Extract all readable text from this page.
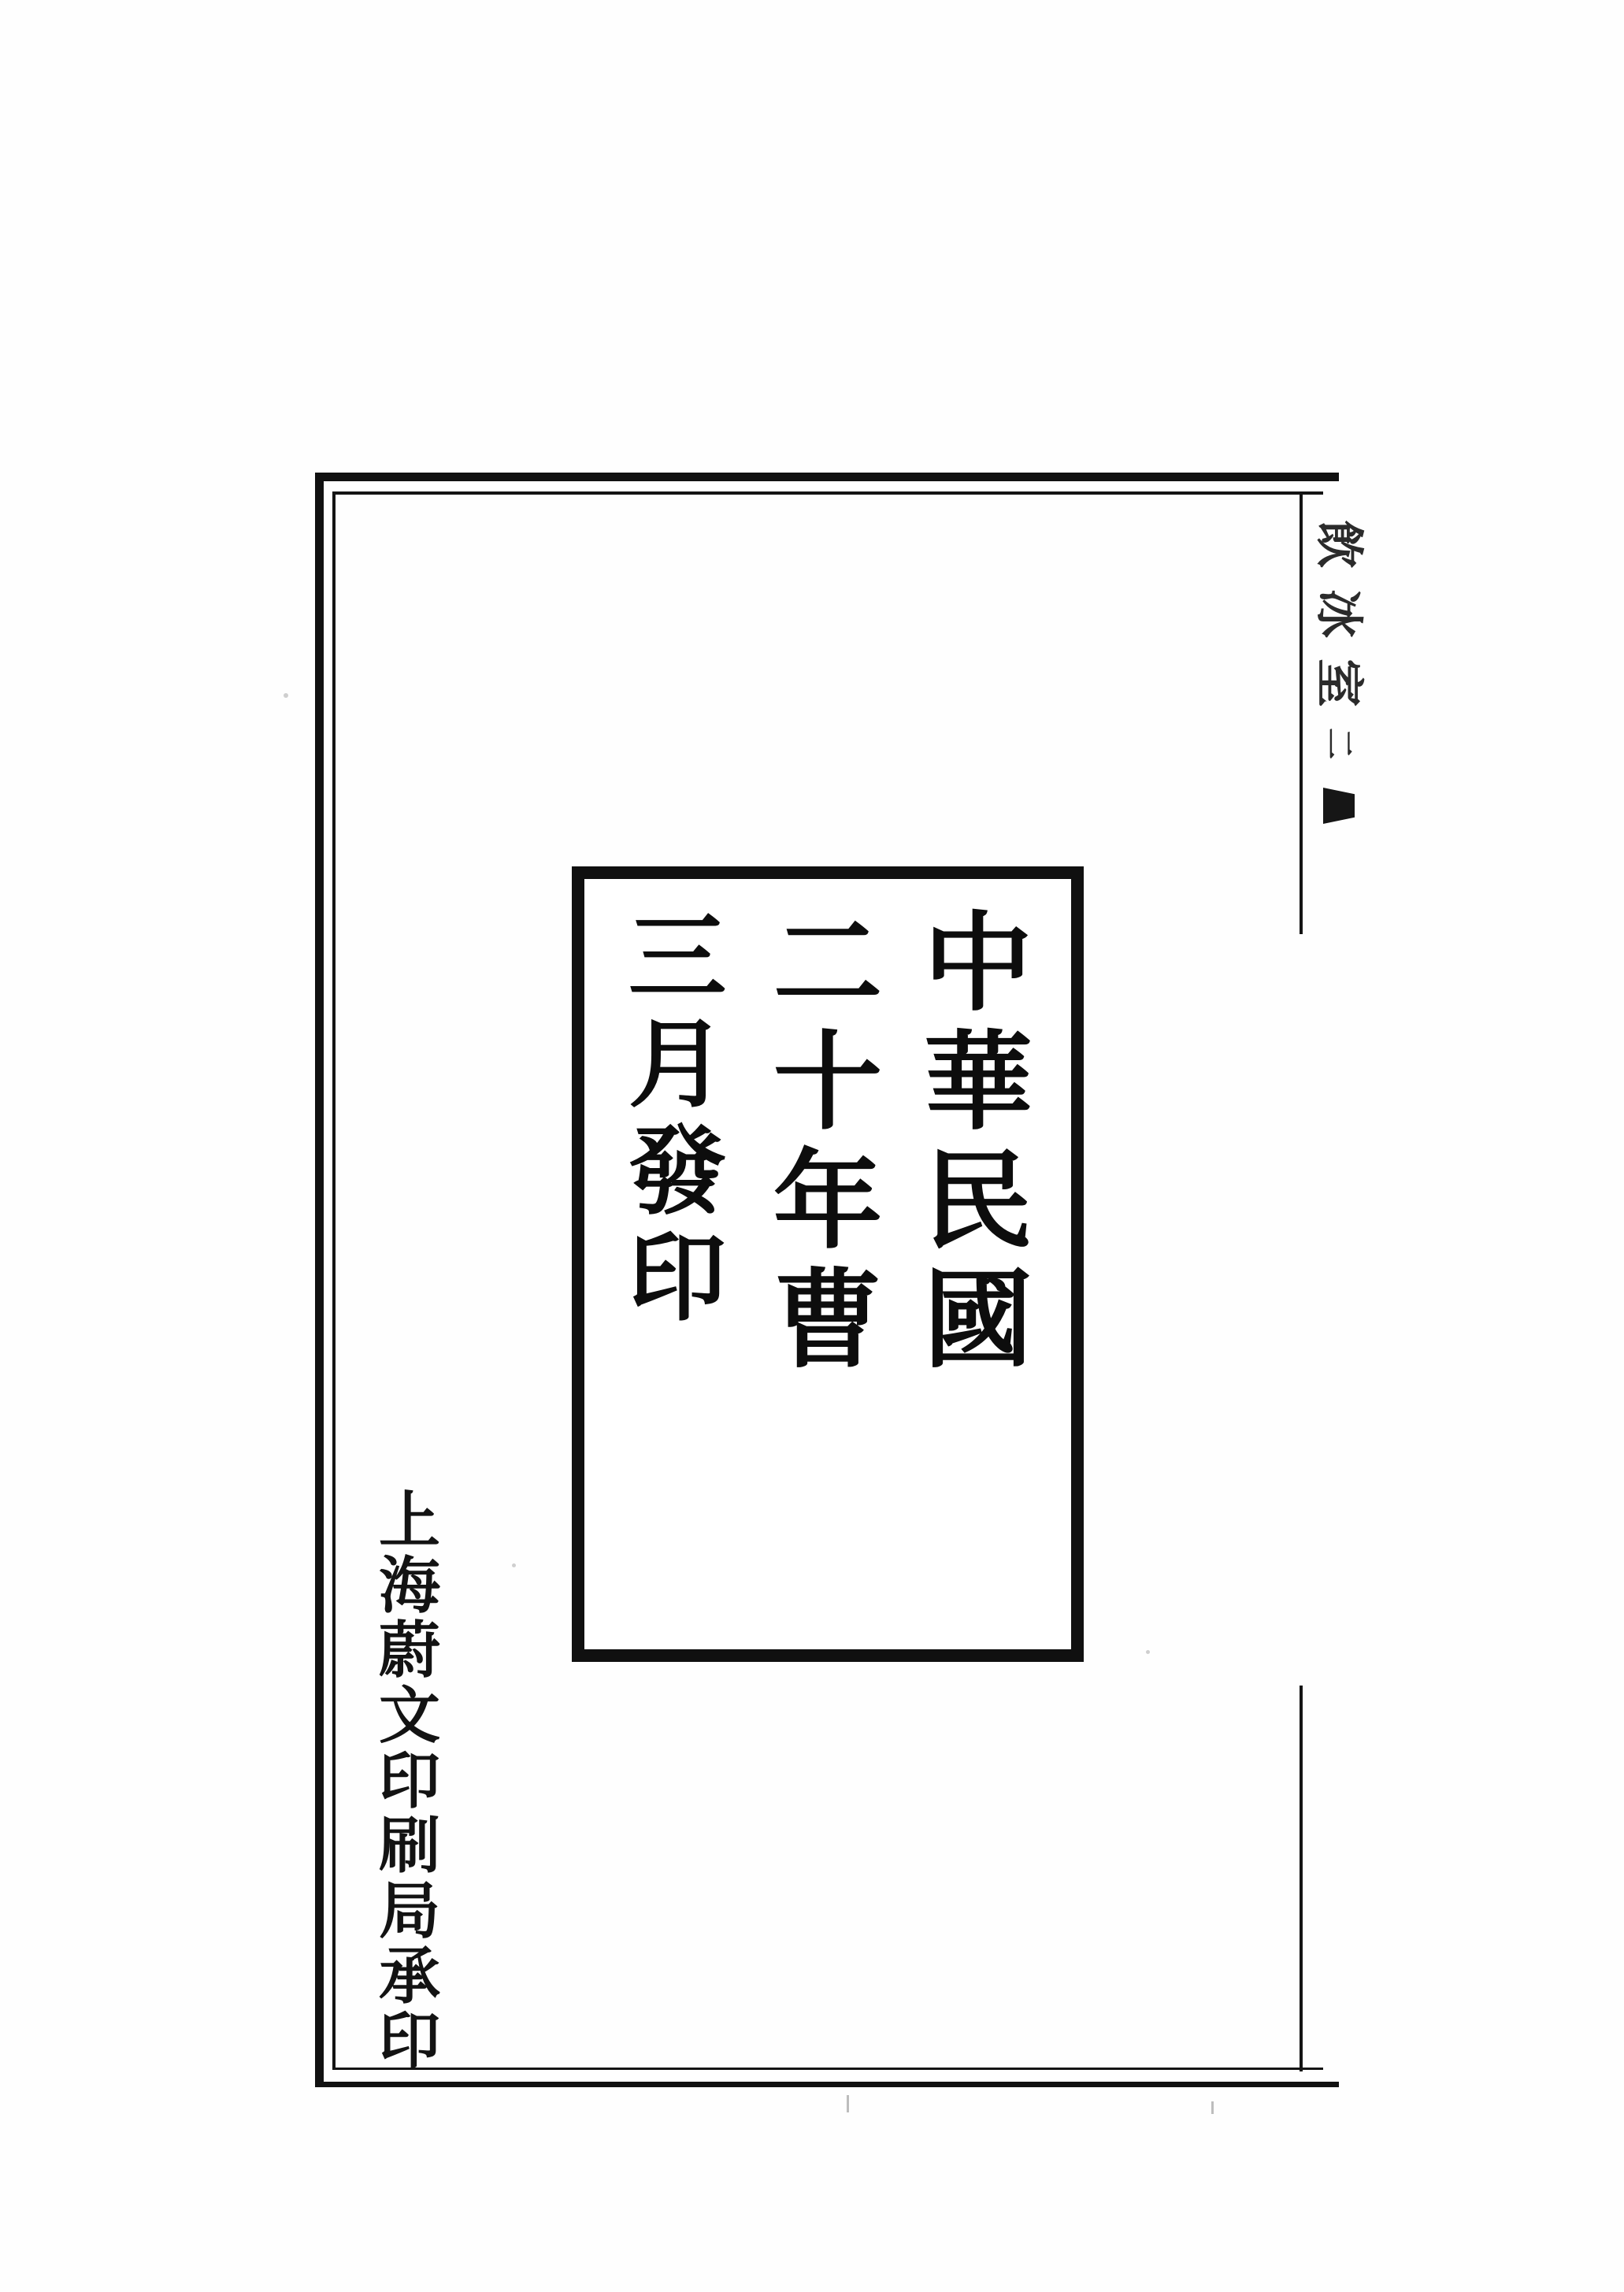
飲
冰
室
二
中
華
民
國
二
十
年
曹
三
月
發
印
上
海
蔚
文
印
刷
局
承
印
